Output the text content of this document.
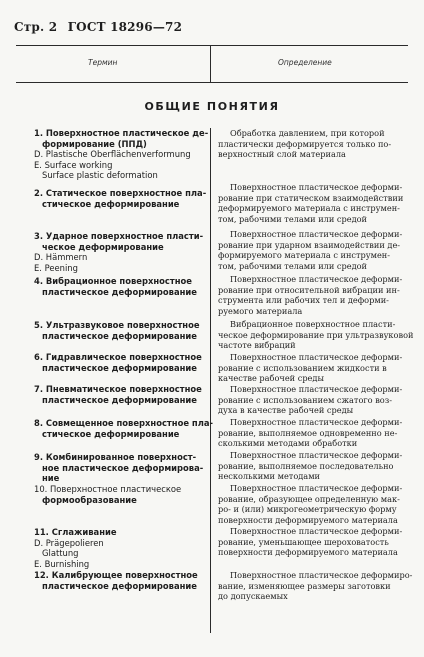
Стр. 2 ГОСТ 18296—72
Термин	Определение
ОБЩИЕ ПОНЯТИЯ
1. Поверхностное пластическое де-
формирование (ППД)
D. Plastische Oberflächenverformung
E. Surface working
Surface plastic deformation
Обработка давлением, при которой
пластически деформируется только по-
верхностный слой материала
2. Статическое поверхностное пла-
стическое деформирование
Поверхностное пластическое деформи-
рование при статическом взаимодействии
деформируемого материала с инструмен-
том, рабочими телами или средой
3. Ударное поверхностное пласти-
ческое деформирование
D. Hämmern
E. Peening
Поверхностное пластическое деформи-
рование при ударном взаимодействии де-
формируемого материала с инструмен-
том, рабочими телами или средой
4. Вибрационное поверхностное
пластическое деформирование
Поверхностное пластическое деформи-
рование при относительной вибрации ин-
струмента или рабочих тел и деформи-
руемого материала
5. Ультразвуковое поверхностное
пластическое деформирование
Вибрационное поверхностное пласти-
ческое деформирование при ультразвуковой
частоте вибраций
6. Гидравлическое поверхностное
пластическое деформирование
Поверхностное пластическое деформи-
рование с использованием жидкости в
качестве рабочей среды
7. Пневматическое поверхностное
пластическое деформирование
Поверхностное пластическое деформи-
рование с использованием сжатого воз-
духа в качестве рабочей среды
8. Совмещенное поверхностное пла-
стическое деформирование
Поверхностное пластическое деформи-
рование, выполняемое одновременно не-
сколькими методами обработки
9. Комбинированное поверхност-
ное пластическое деформирова-
ние
Поверхностное пластическое деформи-
рование, выполняемое последовательно
несколькими методами
10. Поверхностное пластическое
формообразование
Поверхностное пластическое деформи-
рование, образующее определенную мак-
ро- и (или) микрогеометрическую форму
поверхности деформируемого материала
11. Сглаживание
D. Prägepolieren
Glattung
E. Burnishing
Поверхностное пластическое деформи-
рование, уменьшающее шероховатость
поверхности деформируемого материала
12. Калибрующее поверхностное
пластическое деформирование
Поверхностное пластическое деформиро-
вание, изменяющее размеры заготовки
до допускаемых
